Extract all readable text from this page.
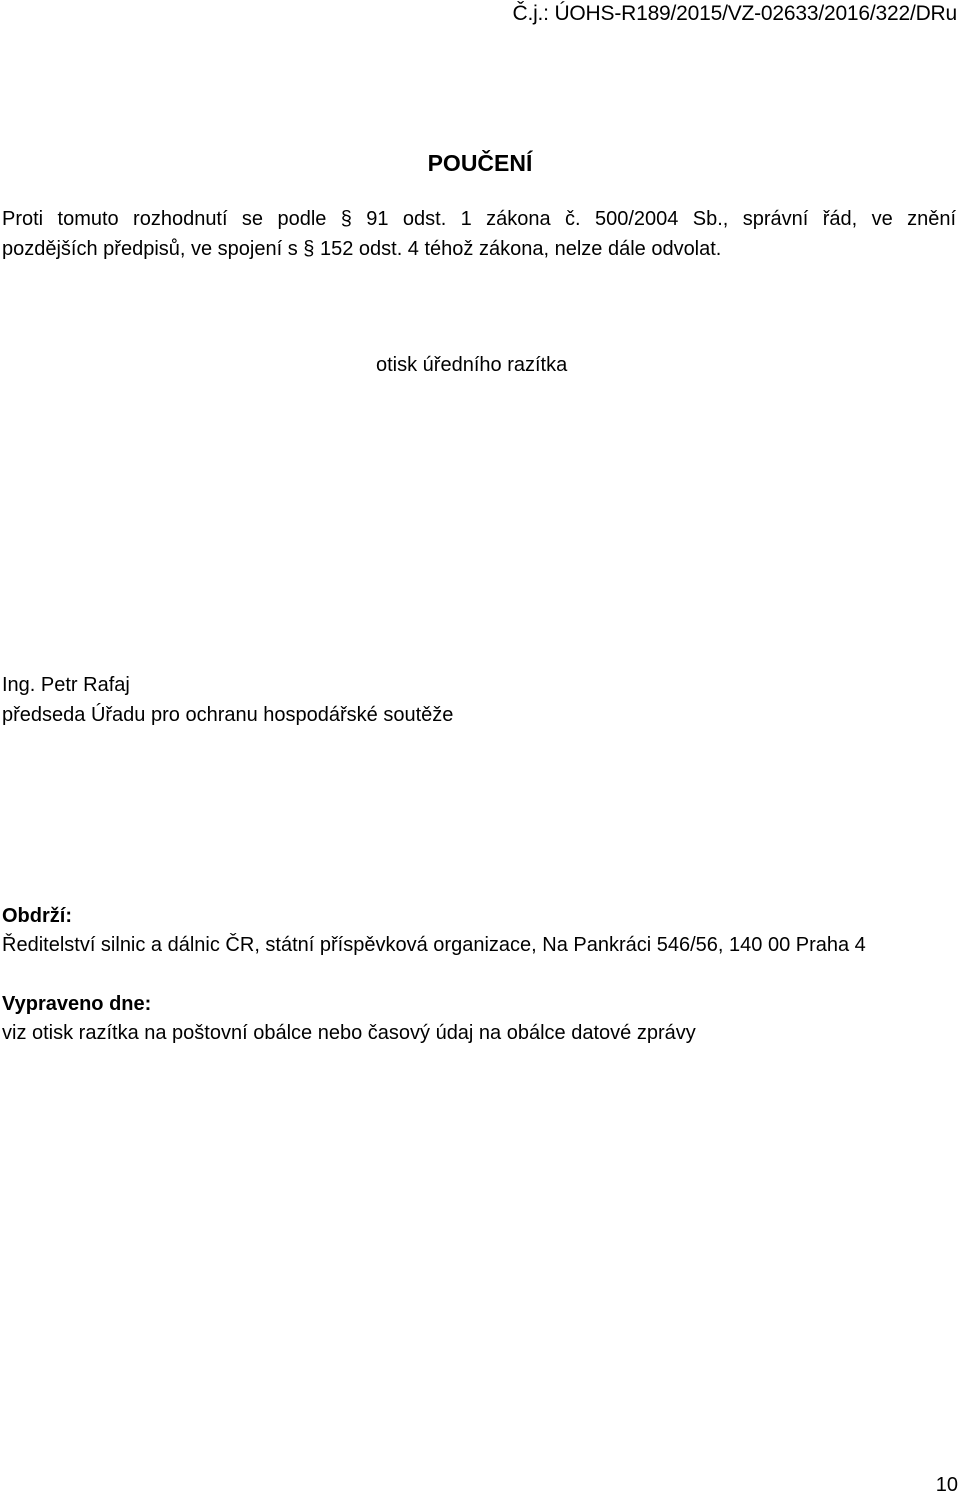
Č.j.: ÚOHS-R189/2015/VZ-02633/2016/322/DRu
POUČENÍ
Proti tomuto rozhodnutí se podle § 91 odst. 1 zákona č. 500/2004 Sb., správní řád, ve znění
pozdějších předpisů, ve spojení s § 152 odst. 4 téhož zákona, nelze dále odvolat.
otisk úředního razítka
Ing. Petr Rafaj
předseda Úřadu pro ochranu hospodářské soutěže
Obdrží:
Ředitelství silnic a dálnic ČR, státní příspěvková organizace, Na Pankráci 546/56, 140 00 Praha 4
Vypraveno dne:
viz otisk razítka na poštovní obálce nebo časový údaj na obálce datové zprávy
10
